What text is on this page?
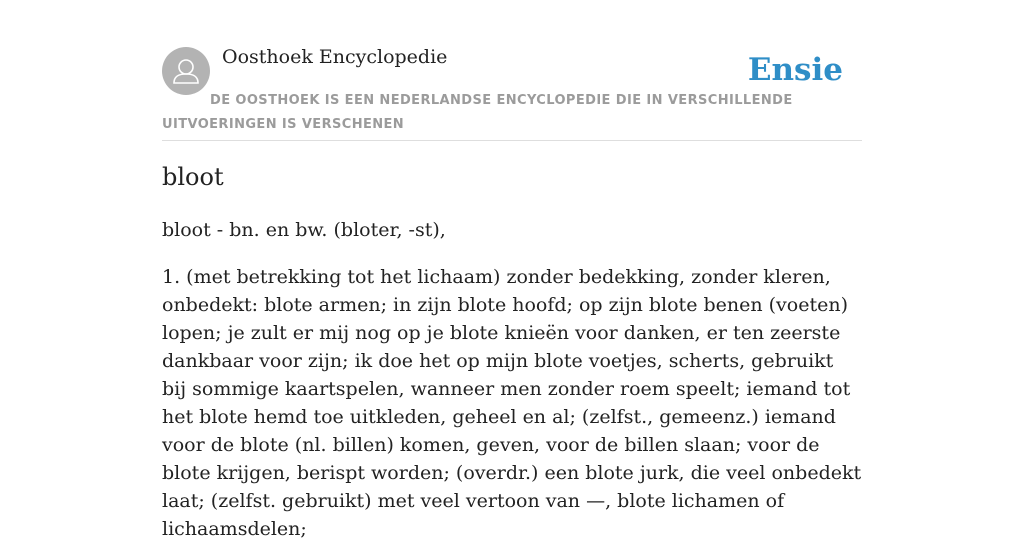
Oosthoek Encyclopedie	Ensie
DE OOSTHOEK IS EEN NEDERLANDSE ENCYCLOPEDIE DIE IN VERSCHILLENDE UITVOERINGEN IS VERSCHENEN
bloot

bloot - bn. en bw. (bloter, -st),

1. (met betrekking tot het lichaam) zonder bedekking, zonder kleren, onbedekt: blote armen; in zijn blote hoofd; op zijn blote benen (voeten) lopen; je zult er mij nog op je blote knieën voor danken, er ten zeerste dankbaar voor zijn; ik doe het op mijn blote voetjes, scherts, gebruikt bij sommige kaartspelen, wanneer men zonder roem speelt; iemand tot het blote hemd toe uitkleden, geheel en al; (zelfst., gemeenz.) iemand voor de blote (nl. billen) komen, geven, voor de billen slaan; voor de blote krijgen, berispt worden; (overdr.) een blote jurk, die veel onbedekt laat; (zelfst. gebruikt) met veel vertoon van —, blote lichamen of lichaamsdelen;
